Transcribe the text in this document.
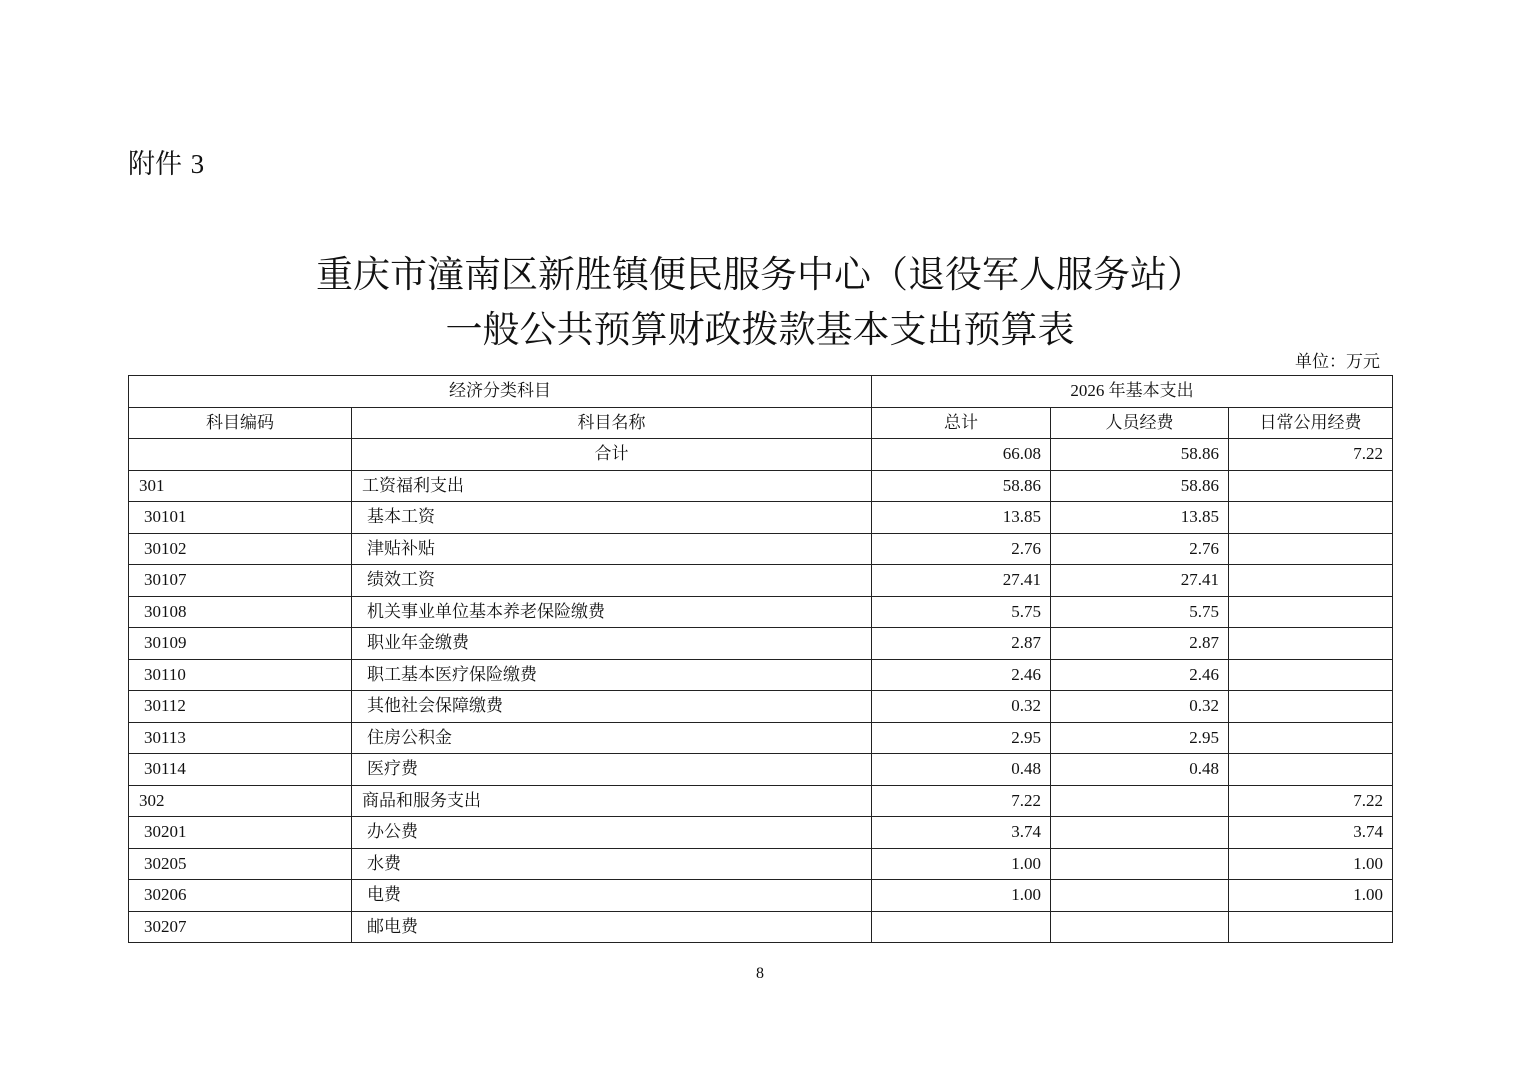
附件 3
重庆市潼南区新胜镇便民服务中心（退役军人服务站）
一般公共预算财政拨款基本支出预算表
单位：万元
经济分类科目		2026 年基本支出		
科目编码	科目名称	总计	人员经费	日常公用经费
	合计	66.08	58.86	7.22
301	工资福利支出	58.86	58.86	
30101	基本工资	13.85	13.85	
30102	津贴补贴	2.76	2.76	
30107	绩效工资	27.41	27.41	
30108	机关事业单位基本养老保险缴费	5.75	5.75	
30109	职业年金缴费	2.87	2.87	
30110	职工基本医疗保险缴费	2.46	2.46	
30112	其他社会保障缴费	0.32	0.32	
30113	住房公积金	2.95	2.95	
30114	医疗费	0.48	0.48	
302	商品和服务支出	7.22		7.22
30201	办公费	3.74		3.74
30205	水费	1.00		1.00
30206	电费	1.00		1.00
30207	邮电费			
8
